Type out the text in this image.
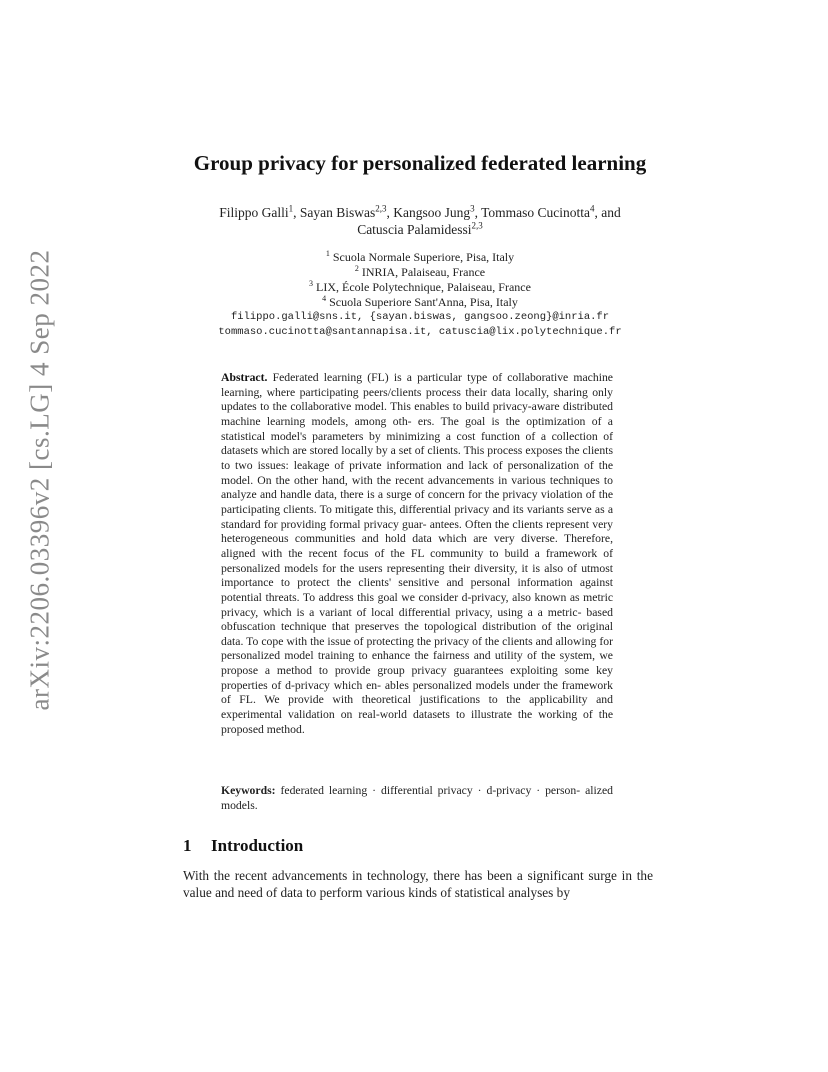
arXiv:2206.03396v2 [cs.LG] 4 Sep 2022
Group privacy for personalized federated learning
Filippo Galli$^1$, Sayan Biswas$^{2,3}$, Kangsoo Jung$^3$, Tommaso Cucinotta$^4$, and
Catuscia Palamidessi$^{2,3}$
$^1$ Scuola Normale Superiore, Pisa, Italy
$^2$ INRIA, Palaiseau, France
$^3$ LIX, École Polytechnique, Palaiseau, France
$^4$ Scuola Superiore Sant'Anna, Pisa, Italy
filippo.galli@sns.it, {sayan.biswas, gangsoo.zeong}@inria.fr
tommaso.cucinotta@santannapisa.it, catuscia@lix.polytechnique.fr
Abstract. Federated learning (FL) is a particular type of collaborative machine learning, where participating peers/clients process their data locally, sharing only updates to the collaborative model. This enables to build privacy-aware distributed machine learning models, among oth- ers. The goal is the optimization of a statistical model's parameters by minimizing a cost function of a collection of datasets which are stored locally by a set of clients. This process exposes the clients to two issues: leakage of private information and lack of personalization of the model. On the other hand, with the recent advancements in various techniques to analyze and handle data, there is a surge of concern for the privacy violation of the participating clients. To mitigate this, differential privacy and its variants serve as a standard for providing formal privacy guar- antees. Often the clients represent very heterogeneous communities and hold data which are very diverse. Therefore, aligned with the recent focus of the FL community to build a framework of personalized models for the users representing their diversity, it is also of utmost importance to protect the clients' sensitive and personal information against potential threats. To address this goal we consider d-privacy, also known as metric privacy, which is a variant of local differential privacy, using a a metric- based obfuscation technique that preserves the topological distribution of the original data. To cope with the issue of protecting the privacy of the clients and allowing for personalized model training to enhance the fairness and utility of the system, we propose a method to provide group privacy guarantees exploiting some key properties of d-privacy which en- ables personalized models under the framework of FL. We provide with theoretical justifications to the applicability and experimental validation on real-world datasets to illustrate the working of the proposed method.
Keywords: federated learning · differential privacy · d-privacy · person- alized models.
1 Introduction
With the recent advancements in technology, there has been a significant surge in the value and need of data to perform various kinds of statistical analyses by
